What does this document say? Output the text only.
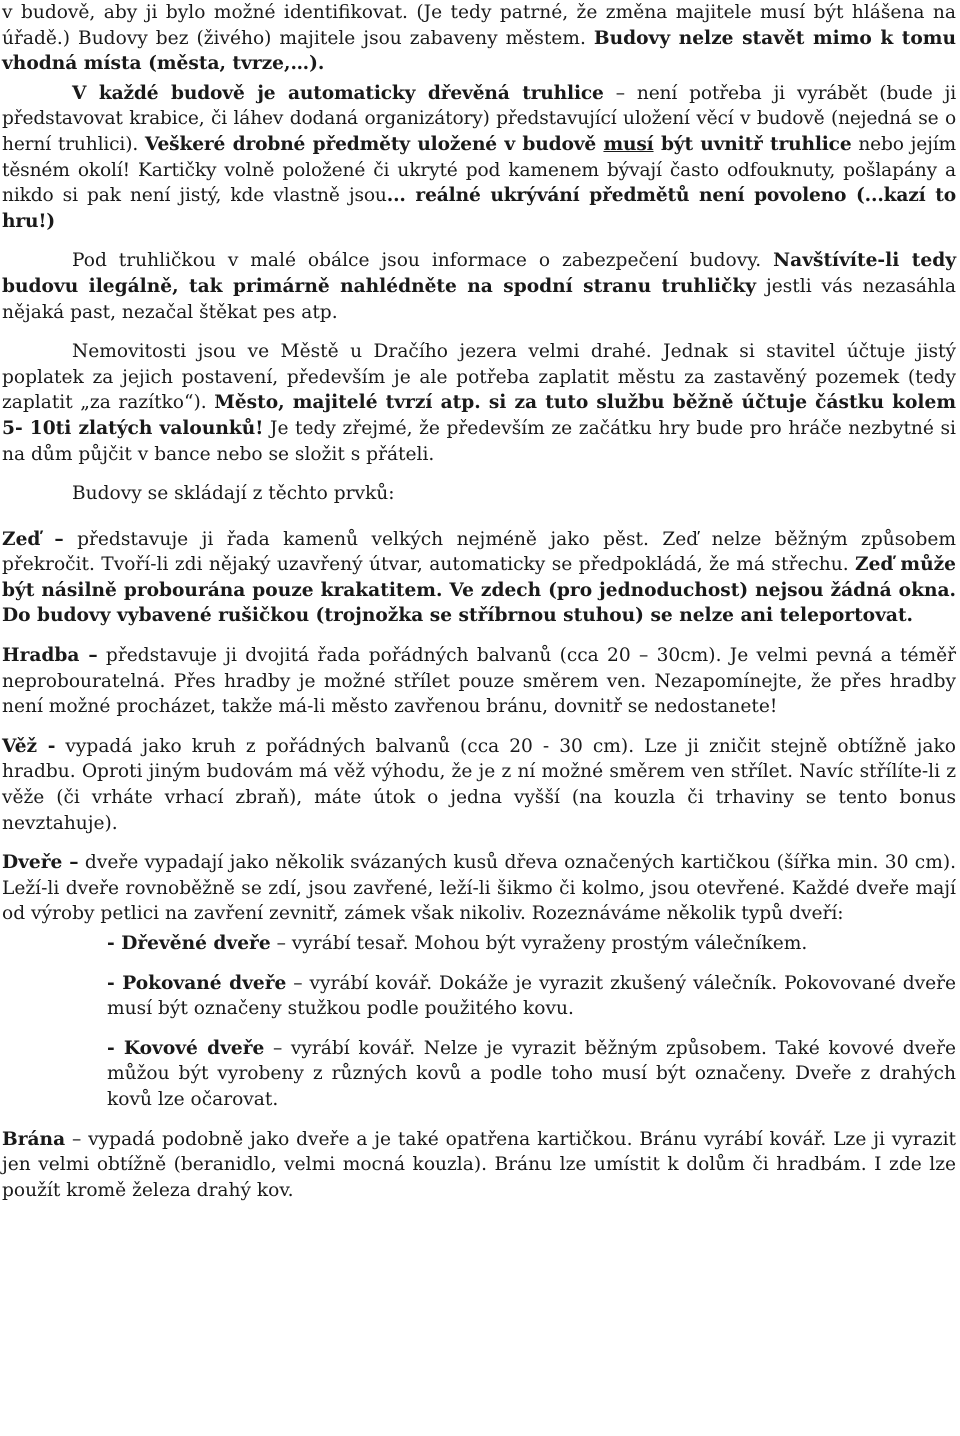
v budově, aby ji bylo možné identifikovat. (Je tedy patrné, že změna majitele musí být hlášena na úřadě.) Budovy bez (živého) majitele jsou zabaveny městem. Budovy nelze stavět mimo k tomu vhodná místa (města, tvrze,…).

V každé budově je automaticky dřevěná truhlice – není potřeba ji vyrábět (bude ji představovat krabice, či láhev dodaná organizátory) představující uložení věcí v budově (nejedná se o herní truhlici). Veškeré drobné předměty uložené v budově musí být uvnitř truhlice nebo jejím těsném okolí! Kartičky volně položené či ukryté pod kamenem bývají často odfouknuty, pošlapány a nikdo si pak není jistý, kde vlastně jsou... reálné ukrývání předmětů není povoleno (...kazí to hru!)

Pod truhličkou v malé obálce jsou informace o zabezpečení budovy. Navštívíte-li tedy budovu ilegálně, tak primárně nahlédněte na spodní stranu truhličky jestli vás nezasáhla nějaká past, nezačal štěkat pes atp.

Nemovitosti jsou ve Městě u Dračího jezera velmi drahé. Jednak si stavitel účtuje jistý poplatek za jejich postavení, především je ale potřeba zaplatit městu za zastavěný pozemek (tedy zaplatit „za razítko“). Město, majitelé tvrzí atp. si za tuto službu běžně účtuje částku kolem 5- 10ti zlatých valounků! Je tedy zřejmé, že především ze začátku hry bude pro hráče nezbytné si na dům půjčit v bance nebo se složit s přáteli.

Budovy se skládají z těchto prvků:

Zeď – představuje ji řada kamenů velkých nejméně jako pěst. Zeď nelze běžným způsobem překročit. Tvoří-li zdi nějaký uzavřený útvar, automaticky se předpokládá, že má střechu. Zeď může být násilně probourána pouze krakatitem. Ve zdech (pro jednoduchost) nejsou žádná okna. Do budovy vybavené rušičkou (trojnožka se stříbrnou stuhou) se nelze ani teleportovat.

Hradba – představuje ji dvojitá řada pořádných balvanů (cca 20 – 30cm). Je velmi pevná a téměř neprobouratelná. Přes hradby je možné střílet pouze směrem ven. Nezapomínejte, že přes hradby není možné procházet, takže má-li město zavřenou bránu, dovnitř se nedostanete!

Věž - vypadá jako kruh z pořádných balvanů (cca 20 - 30 cm). Lze ji zničit stejně obtížně jako hradbu. Oproti jiným budovám má věž výhodu, že je z ní možné směrem ven střílet. Navíc střílíte-li z věže (či vrháte vrhací zbraň), máte útok o jedna vyšší (na kouzla či trhaviny se tento bonus nevztahuje).

Dveře – dveře vypadají jako několik svázaných kusů dřeva označených kartičkou (šířka min. 30 cm). Leží-li dveře rovnoběžně se zdí, jsou zavřené, leží-li šikmo či kolmo, jsou otevřené. Každé dveře mají od výroby petlici na zavření zevnitř, zámek však nikoliv. Rozeznáváme několik typů dveří:

- Dřevěné dveře – vyrábí tesař. Mohou být vyraženy prostým válečníkem.

- Pokované dveře – vyrábí kovář. Dokáže je vyrazit zkušený válečník. Pokovované dveře musí být označeny stužkou podle použitého kovu.

- Kovové dveře – vyrábí kovář. Nelze je vyrazit běžným způsobem. Také kovové dveře můžou být vyrobeny z různých kovů a podle toho musí být označeny. Dveře z drahých kovů lze očarovat.

Brána – vypadá podobně jako dveře a je také opatřena kartičkou. Bránu vyrábí kovář. Lze ji vyrazit jen velmi obtížně (beranidlo, velmi mocná kouzla). Bránu lze umístit k dolům či hradbám. I zde lze použít kromě železa drahý kov.
